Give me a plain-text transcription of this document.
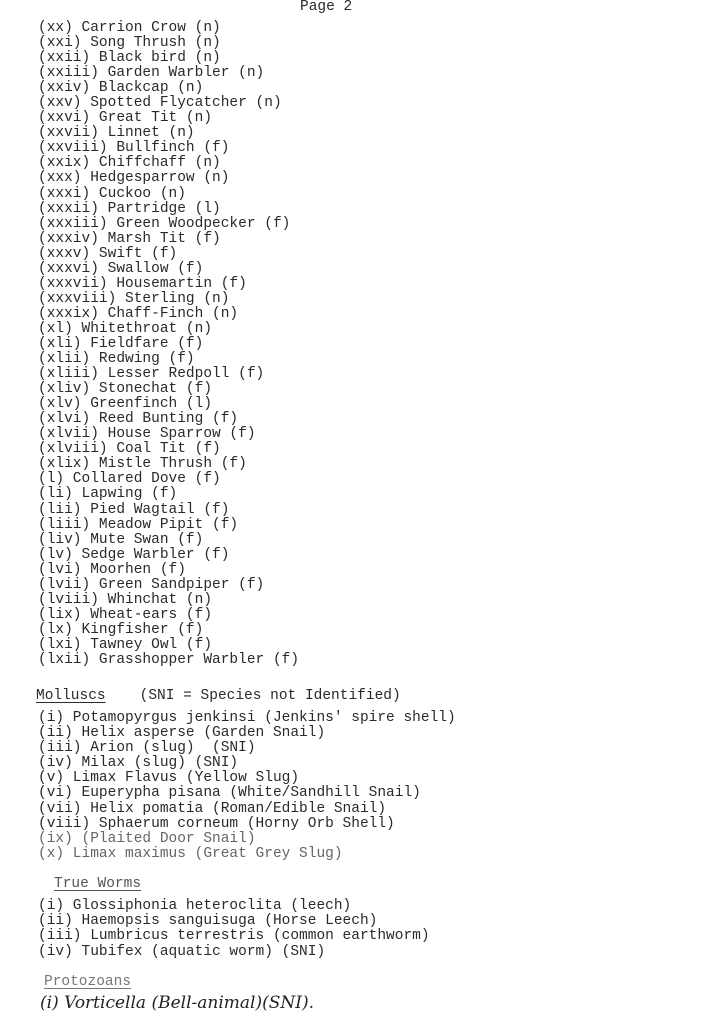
Page 2
(xx) Carrion Crow (n)
(xxi) Song Thrush (n)
(xxii) Black bird (n)
(xxiii) Garden Warbler (n)
(xxiv) Blackcap (n)
(xxv) Spotted Flycatcher (n)
(xxvi) Great Tit (n)
(xxvii) Linnet (n)
(xxviii) Bullfinch (f)
(xxix) Chiffchaff (n)
(xxx) Hedgesparrow (n)
(xxxi) Cuckoo (n)
(xxxii) Partridge (l)
(xxxiii) Green Woodpecker (f)
(xxxiv) Marsh Tit (f)
(xxxv) Swift (f)
(xxxvi) Swallow (f)
(xxxvii) Housemartin (f)
(xxxviii) Sterling (n)
(xxxix) Chaff-Finch (n)
(xl) Whitethroat (n)
(xli) Fieldfare (f)
(xlii) Redwing (f)
(xliii) Lesser Redpoll (f)
(xliv) Stonechat (f)
(xlv) Greenfinch (l)
(xlvi) Reed Bunting (f)
(xlvii) House Sparrow (f)
(xlviii) Coal Tit (f)
(xlix) Mistle Thrush (f)
(l) Collared Dove (f)
(li) Lapwing (f)
(lii) Pied Wagtail (f)
(liii) Meadow Pipit (f)
(liv) Mute Swan (f)
(lv) Sedge Warbler (f)
(lvi) Moorhen (f)
(lvii) Green Sandpiper (f)
(lviii) Whinchat (n)
(lix) Wheat-ears (f)
(lx) Kingfisher (f)
(lxi) Tawney Owl (f)
(lxii) Grasshopper Warbler (f)
Molluscs (SNI = Species not Identified)
(i) Potamopyrgus jenkinsi (Jenkins' spire shell)
(ii) Helix asperse (Garden Snail)
(iii) Arion (slug)  (SNI)
(iv) Milax (slug) (SNI)
(v) Limax Flavus (Yellow Slug)
(vi) Euperypha pisana (White/Sandhill Snail)
(vii) Helix pomatia (Roman/Edible Snail)
(viii) Sphaerum corneum (Horny Orb Shell)
(ix) (Plaited Door Snail)
(x) Limax maximus (Great Grey Slug)
True Worms
(i) Glossiphonia heteroclita (leech)
(ii) Haemopsis sanguisuga (Horse Leech)
(iii) Lumbricus terrestris (common earthworm)
(iv) Tubifex (aquatic worm) (SNI)
Protozoans
(i) Vorticella (Bell-animal)(SNI).
